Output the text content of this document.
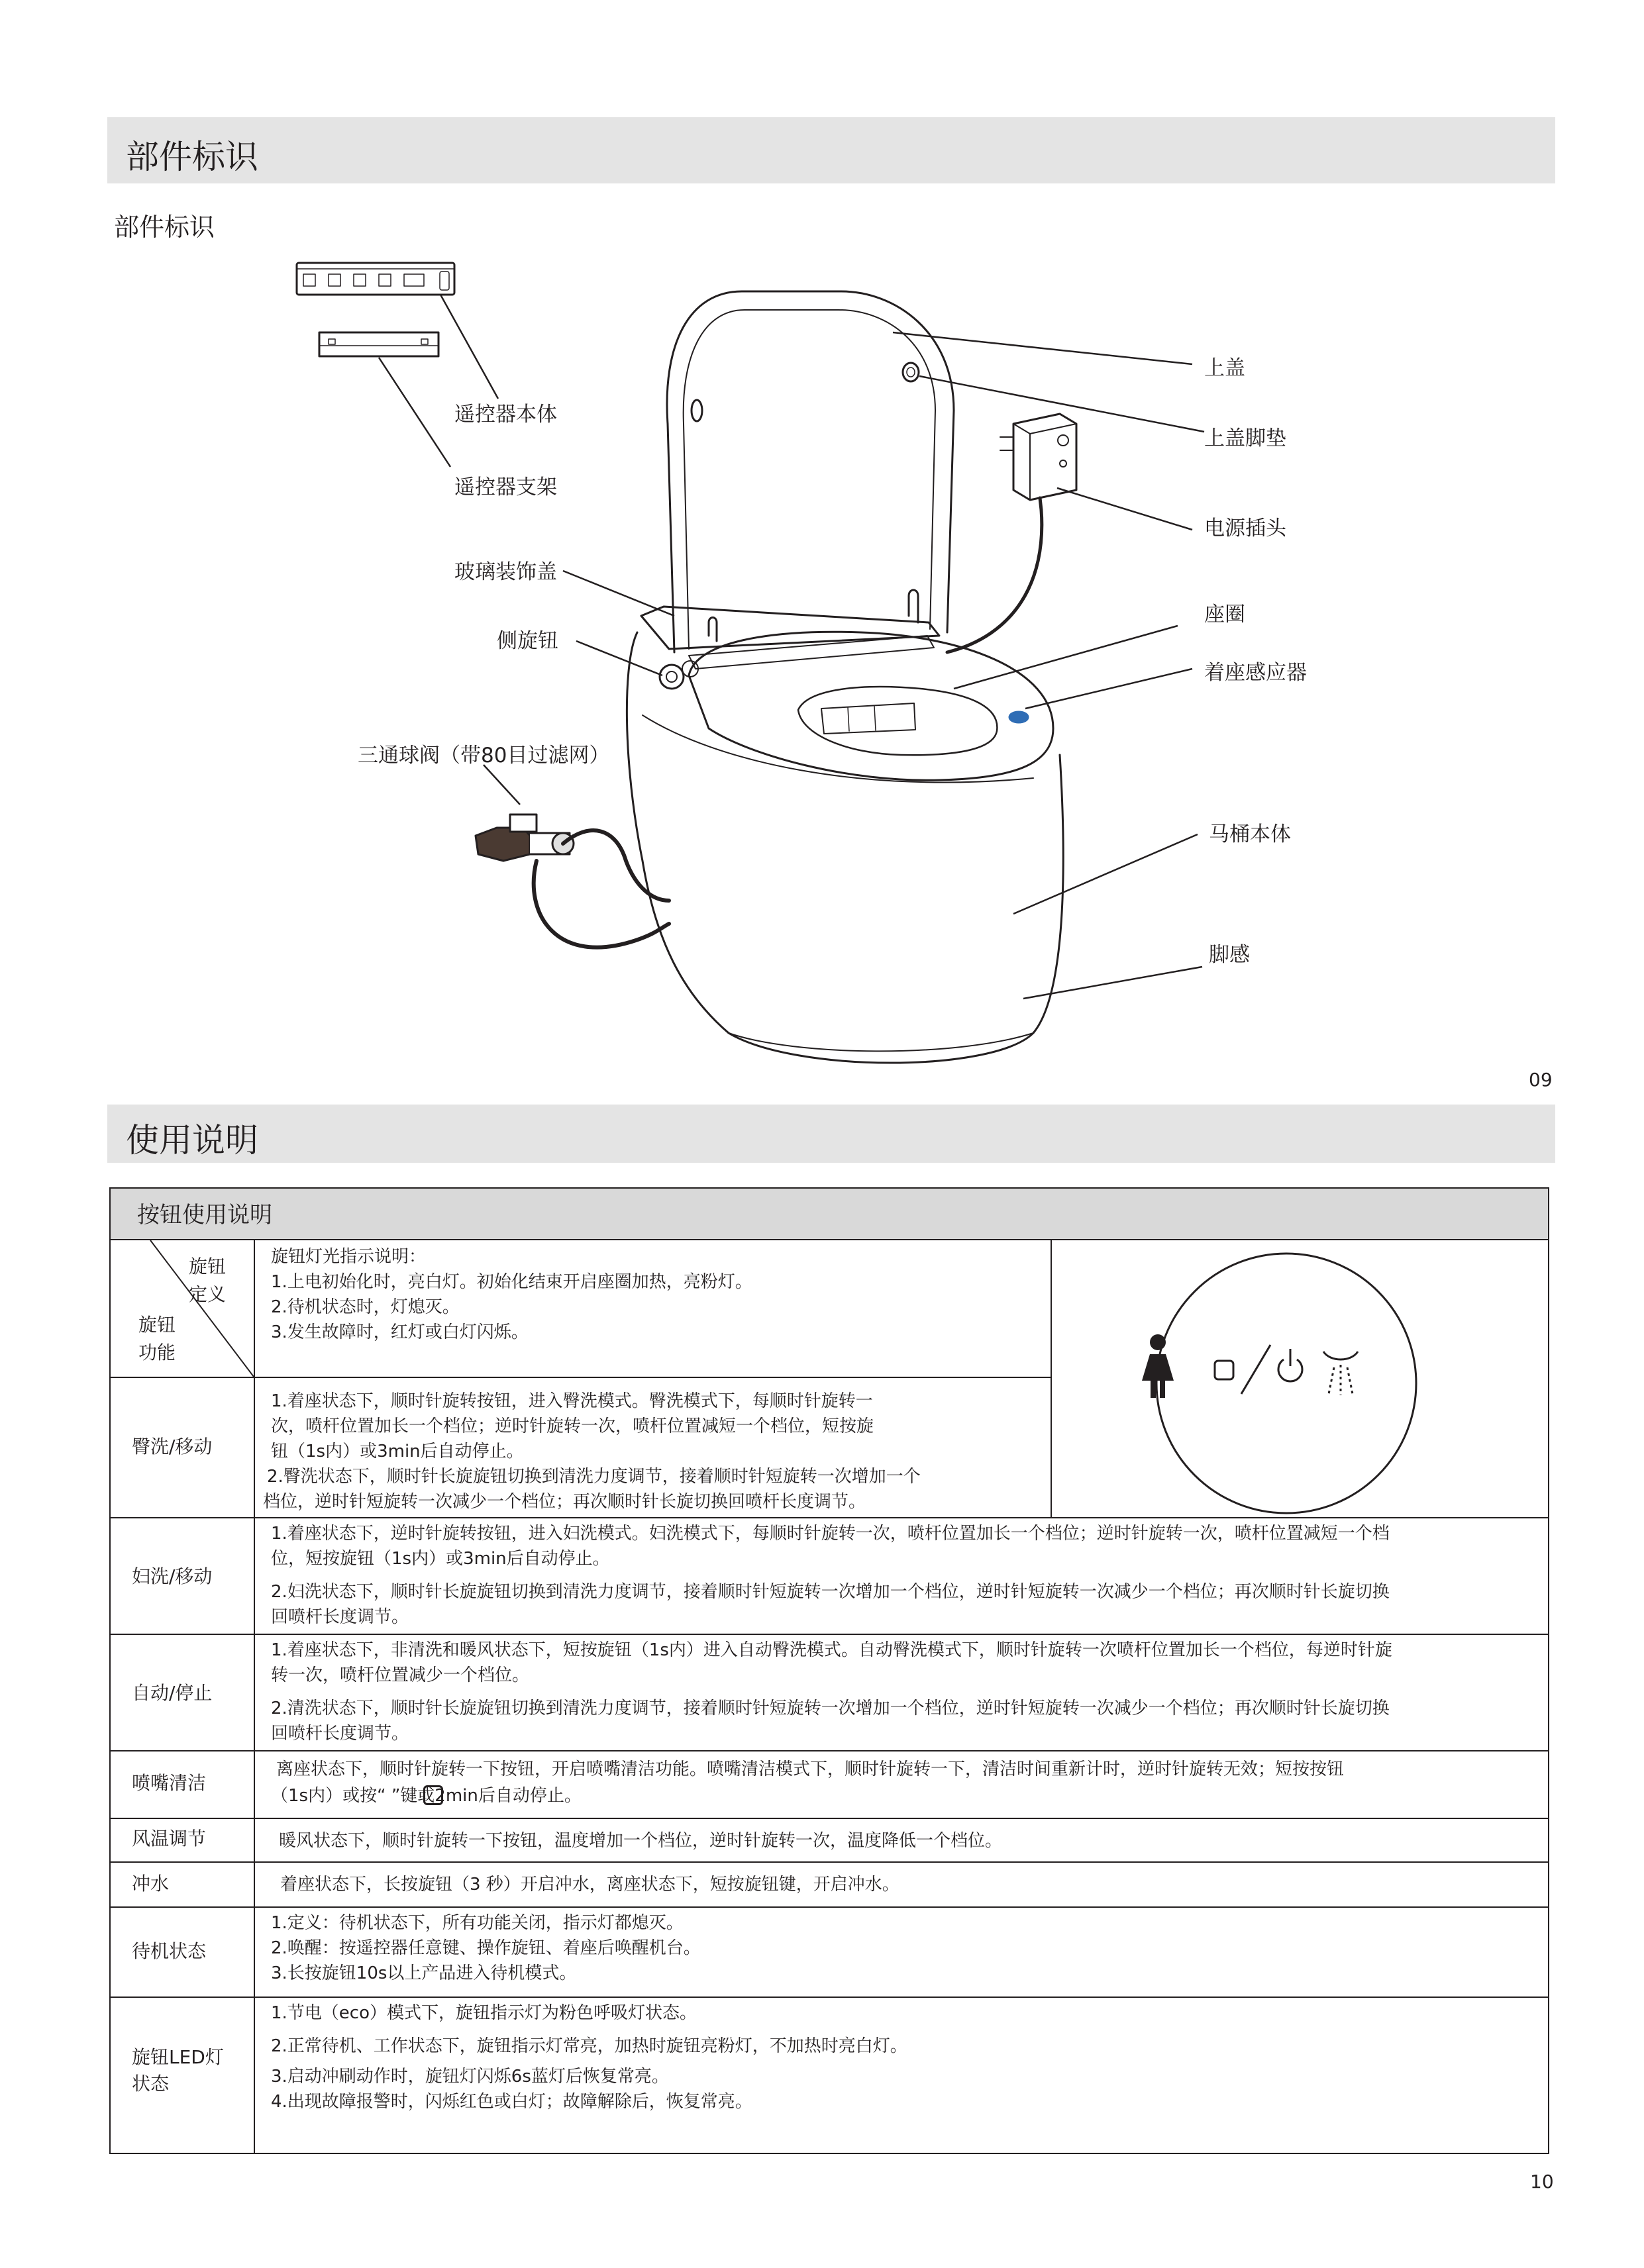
部件标识
部件标识
遥控器本体
遥控器支架
玻璃装饰盖
侧旋钮
三通球阀（带80目过滤网）
上盖
上盖脚垫
电源插头
座圈
着座感应器
马桶本体
脚感
09
使用说明
按钮使用说明
旋钮
定义
旋钮
功能
旋钮灯光指示说明：
1.上电初始化时，亮白灯。初始化结束开启座圈加热，亮粉灯。
2.待机状态时，灯熄灭。
3.发生故障时，红灯或白灯闪烁。
臀洗/移动
1.着座状态下，顺时针旋转按钮，进入臀洗模式。臀洗模式下，每顺时针旋转一
次，喷杆位置加长一个档位；逆时针旋转一次，喷杆位置减短一个档位，短按旋
钮（1s内）或3min后自动停止。
2.臀洗状态下，顺时针长旋旋钮切换到清洗力度调节，接着顺时针短旋转一次增加一个
档位，逆时针短旋转一次减少一个档位；再次顺时针长旋切换回喷杆长度调节。
妇洗/移动
1.着座状态下，逆时针旋转按钮，进入妇洗模式。妇洗模式下，每顺时针旋转一次，喷杆位置加长一个档位；逆时针旋转一次，喷杆位置减短一个档
位，短按旋钮（1s内）或3min后自动停止。
2.妇洗状态下，顺时针长旋旋钮切换到清洗力度调节，接着顺时针短旋转一次增加一个档位，逆时针短旋转一次减少一个档位；再次顺时针长旋切换
回喷杆长度调节。
自动/停止
1.着座状态下，非清洗和暖风状态下，短按旋钮（1s内）进入自动臀洗模式。自动臀洗模式下，顺时针旋转一次喷杆位置加长一个档位，每逆时针旋
转一次，喷杆位置减少一个档位。
2.清洗状态下，顺时针长旋旋钮切换到清洗力度调节，接着顺时针短旋转一次增加一个档位，逆时针短旋转一次减少一个档位；再次顺时针长旋切换
回喷杆长度调节。
喷嘴清洁
离座状态下，顺时针旋转一下按钮，开启喷嘴清洁功能。喷嘴清洁模式下，顺时针旋转一下，清洁时间重新计时，逆时针旋转无效；短按按钮
（1s内）或按“ ”键或2min后自动停止。
风温调节	暖风状态下，顺时针旋转一下按钮，温度增加一个档位，逆时针旋转一次，温度降低一个档位。
冲水	着座状态下，长按旋钮（3 秒）开启冲水，离座状态下，短按旋钮键，开启冲水。
待机状态
1.定义：待机状态下，所有功能关闭，指示灯都熄灭。
2.唤醒：按遥控器任意键、操作旋钮、着座后唤醒机台。
3.长按旋钮10s以上产品进入待机模式。
旋钮LED灯
状态
1.节电（eco）模式下，旋钮指示灯为粉色呼吸灯状态。
2.正常待机、工作状态下，旋钮指示灯常亮，加热时旋钮亮粉灯，不加热时亮白灯。
3.启动冲刷动作时，旋钮灯闪烁6s蓝灯后恢复常亮。
4.出现故障报警时，闪烁红色或白灯；故障解除后，恢复常亮。
10
